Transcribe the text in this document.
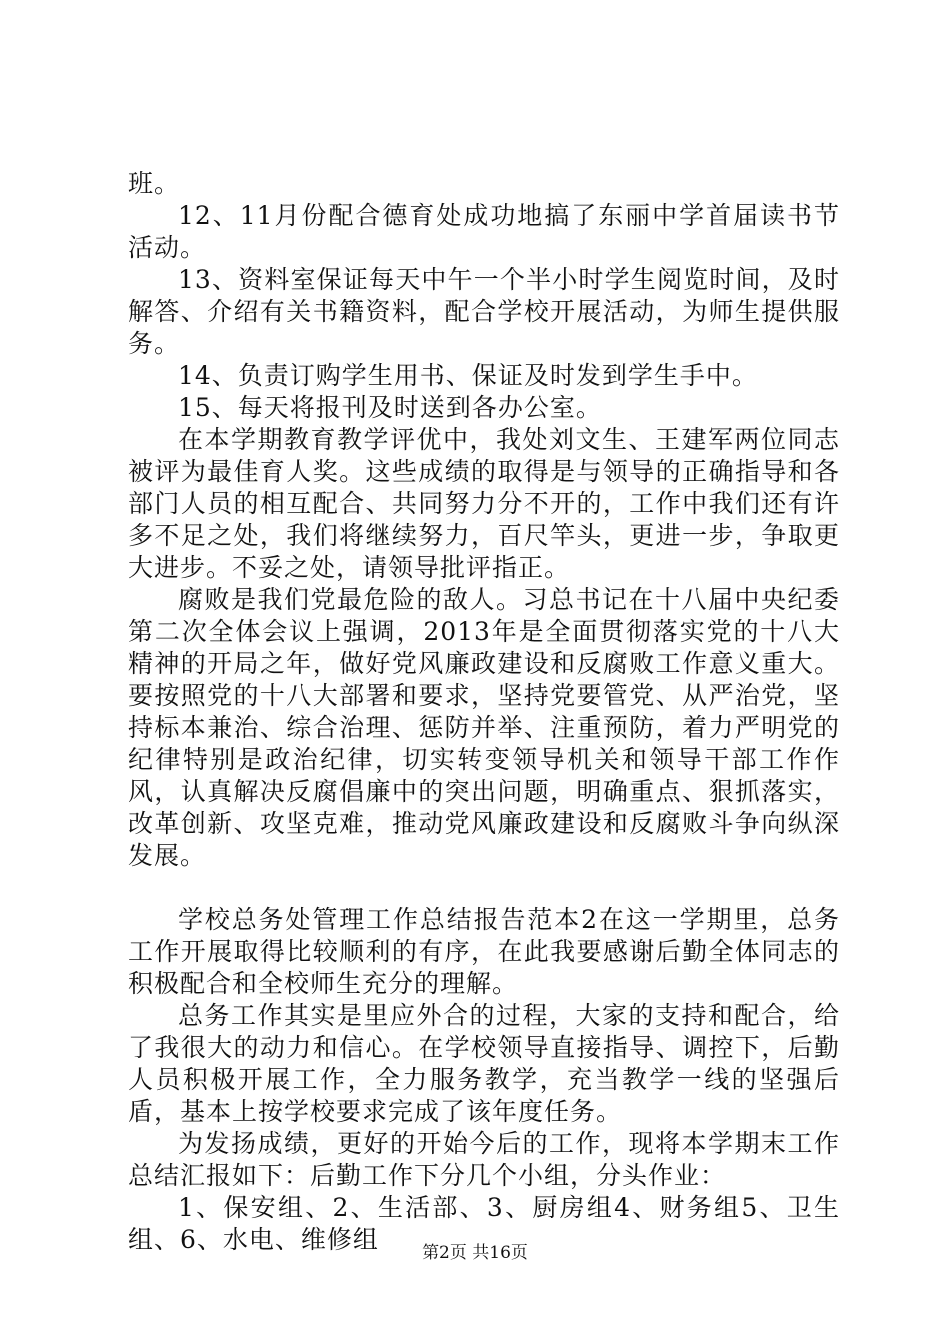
班。

12、11月份配合德育处成功地搞了东丽中学首届读书节活动。

13、资料室保证每天中午一个半小时学生阅览时间，及时解答、介绍有关书籍资料，配合学校开展活动，为师生提供服务。

14、负责订购学生用书、保证及时发到学生手中。

15、每天将报刊及时送到各办公室。

在本学期教育教学评优中，我处刘文生、王建军两位同志被评为最佳育人奖。这些成绩的取得是与领导的正确指导和各部门人员的相互配合、共同努力分不开的，工作中我们还有许多不足之处，我们将继续努力，百尺竿头，更进一步，争取更大进步。不妥之处，请领导批评指正。

腐败是我们党最危险的敌人。习总书记在十八届中央纪委第二次全体会议上强调，2013年是全面贯彻落实党的十八大精神的开局之年，做好党风廉政建设和反腐败工作意义重大。要按照党的十八大部署和要求，坚持党要管党、从严治党，坚持标本兼治、综合治理、惩防并举、注重预防，着力严明党的纪律特别是政治纪律，切实转变领导机关和领导干部工作作风，认真解决反腐倡廉中的突出问题，明确重点、狠抓落实，改革创新、攻坚克难，推动党风廉政建设和反腐败斗争向纵深发展。

学校总务处管理工作总结报告范本2在这一学期里，总务工作开展取得比较顺利的有序，在此我要感谢后勤全体同志的积极配合和全校师生充分的理解。

总务工作其实是里应外合的过程，大家的支持和配合，给了我很大的动力和信心。在学校领导直接指导、调控下，后勤人员积极开展工作，全力服务教学，充当教学一线的坚强后盾，基本上按学校要求完成了该年度任务。

为发扬成绩，更好的开始今后的工作，现将本学期末工作总结汇报如下：后勤工作下分几个小组，分头作业：

1、保安组、2、生活部、3、厨房组4、财务组5、卫生组、6、水电、维修组	第2页 共16页
